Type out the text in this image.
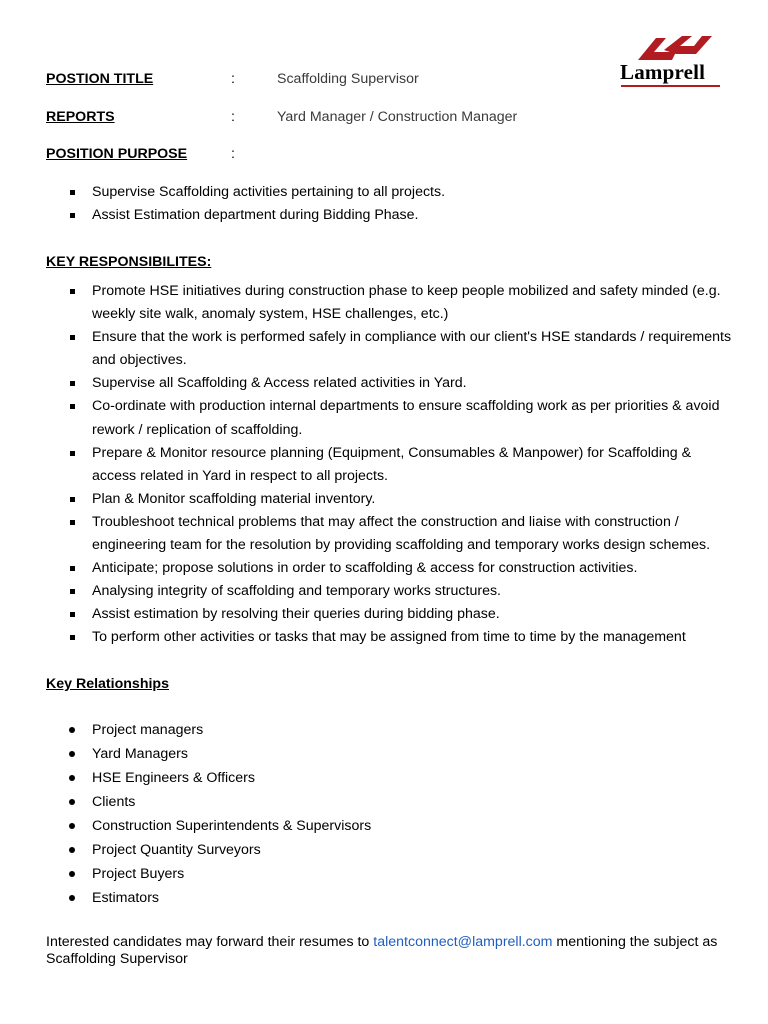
Lamprell
POSTION TITLE	:	Scaffolding Supervisor
REPORTS	:	Yard Manager / Construction Manager
POSITION PURPOSE	:
Supervise Scaffolding activities pertaining to all projects.
Assist Estimation department during Bidding Phase.
KEY RESPONSIBILITES:
Promote HSE initiatives during construction phase to keep people mobilized and safety minded (e.g. weekly site walk, anomaly system, HSE challenges, etc.)
Ensure that the work is performed safely in compliance with our client's HSE standards / requirements and objectives.
Supervise all Scaffolding & Access related activities in Yard.
Co-ordinate with production internal departments to ensure scaffolding work as per priorities & avoid rework / replication of scaffolding.
Prepare & Monitor resource planning (Equipment, Consumables & Manpower) for Scaffolding & access related in Yard in respect to all projects.
Plan & Monitor scaffolding material inventory.
Troubleshoot technical problems that may affect the construction and liaise with construction / engineering team for the resolution by providing scaffolding and temporary works design schemes.
Anticipate; propose solutions in order to scaffolding & access for construction activities.
Analysing integrity of scaffolding and temporary works structures.
Assist estimation by resolving their queries during bidding phase.
To perform other activities or tasks that may be assigned from time to time by the management
Key Relationships
Project managers
Yard Managers
HSE Engineers & Officers
Clients
Construction Superintendents & Supervisors
Project Quantity Surveyors
Project Buyers
Estimators

Interested candidates may forward their resumes to talentconnect@lamprell.com mentioning the subject as Scaffolding Supervisor
